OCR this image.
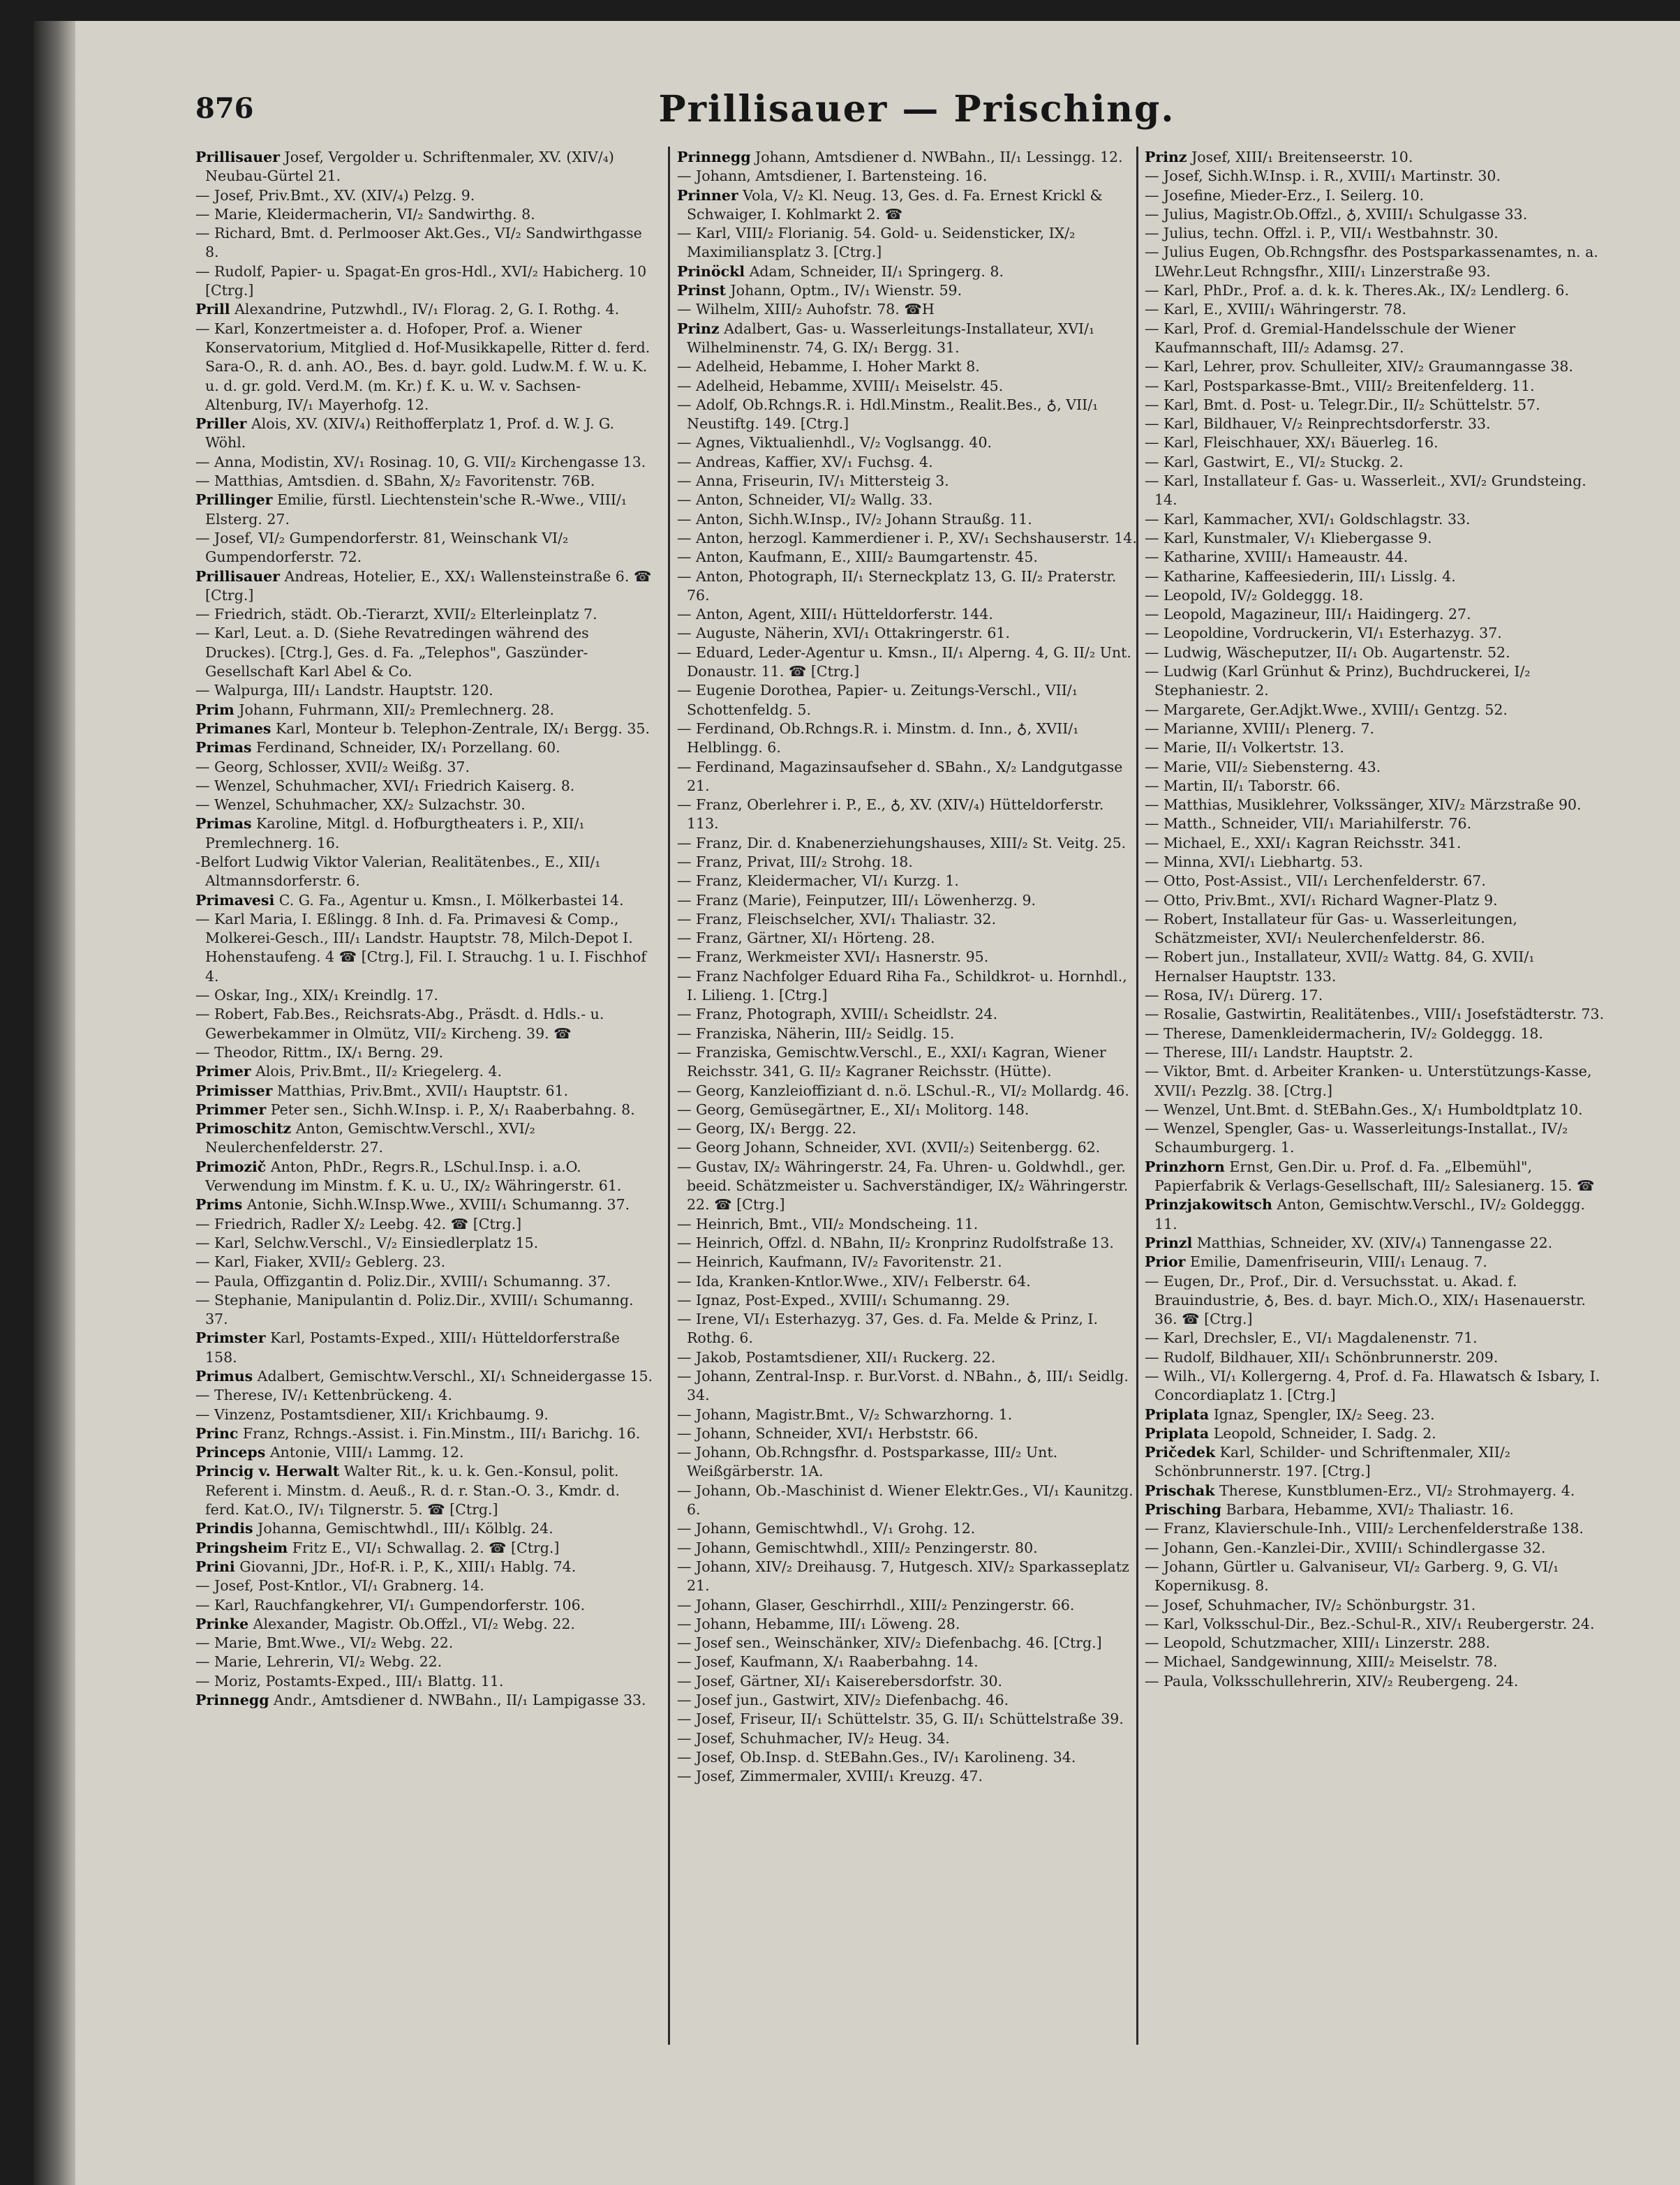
876	Prillisauer — Prisching.

Prillisauer Josef, Vergolder u. Schriftenmaler, XV. (XIV/₄) Neubau-Gürtel 21.

— Josef, Priv.Bmt., XV. (XIV/₄) Pelzg. 9.

— Marie, Kleidermacherin, VI/₂ Sandwirthg. 8.

— Richard, Bmt. d. Perlmooser Akt.Ges., VI/₂ Sandwirthgasse 8.

— Rudolf, Papier- u. Spagat-En gros-Hdl., XVI/₂ Habicherg. 10 [Ctrg.]

Prill Alexandrine, Putzwhdl., IV/₁ Florag. 2, G. I. Rothg. 4.

— Karl, Konzertmeister a. d. Hofoper, Prof. a. Wiener Konservatorium, Mitglied d. Hof-Musikkapelle, Ritter d. ferd. Sara-O., R. d. anh. AO., Bes. d. bayr. gold. Ludw.M. f. W. u. K. u. d. gr. gold. Verd.M. (m. Kr.) f. K. u. W. v. Sachsen-Altenburg, IV/₁ Mayerhofg. 12.

Priller Alois, XV. (XIV/₄) Reithofferplatz 1, Prof. d. W. J. G. Wöhl.

— Anna, Modistin, XV/₁ Rosinag. 10, G. VII/₂ Kirchengasse 13.

— Matthias, Amtsdien. d. SBahn, X/₂ Favoritenstr. 76B.

Prillinger Emilie, fürstl. Liechtenstein'sche R.-Wwe., VIII/₁ Elsterg. 27.

— Josef, VI/₂ Gumpendorferstr. 81, Weinschank VI/₂ Gumpendorferstr. 72.

Prillisauer Andreas, Hotelier, E., XX/₁ Wallensteinstraße 6. ☎ [Ctrg.]

— Friedrich, städt. Ob.-Tierarzt, XVII/₂ Elterleinplatz 7.

— Karl, Leut. a. D. (Siehe Revatredingen während des Druckes). [Ctrg.], Ges. d. Fa. „Telephos", Gaszünder-Gesellschaft Karl Abel & Co.

— Walpurga, III/₁ Landstr. Hauptstr. 120.

Prim Johann, Fuhrmann, XII/₂ Premlechnerg. 28.

Primanes Karl, Monteur b. Telephon-Zentrale, IX/₁ Bergg. 35.

Primas Ferdinand, Schneider, IX/₁ Porzellang. 60.

— Georg, Schlosser, XVII/₂ Weißg. 37.

— Wenzel, Schuhmacher, XVI/₁ Friedrich Kaiserg. 8.

— Wenzel, Schuhmacher, XX/₂ Sulzachstr. 30.

Primas Karoline, Mitgl. d. Hofburgtheaters i. P., XII/₁ Premlechnerg. 16.

-Belfort Ludwig Viktor Valerian, Realitätenbes., E., XII/₁ Altmannsdorferstr. 6.

Primavesi C. G. Fa., Agentur u. Kmsn., I. Mölkerbastei 14.

— Karl Maria, I. Eßlingg. 8 Inh. d. Fa. Primavesi & Comp., Molkerei-Gesch., III/₁ Landstr. Hauptstr. 78, Milch-Depot I. Hohenstaufeng. 4 ☎ [Ctrg.], Fil. I. Strauchg. 1 u. I. Fischhof 4.

— Oskar, Ing., XIX/₁ Kreindlg. 17.

— Robert, Fab.Bes., Reichsrats-Abg., Präsdt. d. Hdls.- u. Gewerbekammer in Olmütz, VII/₂ Kircheng. 39. ☎

— Theodor, Rittm., IX/₁ Berng. 29.

Primer Alois, Priv.Bmt., II/₂ Kriegelerg. 4.

Primisser Matthias, Priv.Bmt., XVII/₁ Hauptstr. 61.

Primmer Peter sen., Sichh.W.Insp. i. P., X/₁ Raaberbahng. 8.

Primoschitz Anton, Gemischtw.Verschl., XVI/₂ Neulerchenfelderstr. 27.

Primozič Anton, PhDr., Regrs.R., LSchul.Insp. i. a.O. Verwendung im Minstm. f. K. u. U., IX/₂ Währingerstr. 61.

Prims Antonie, Sichh.W.Insp.Wwe., XVIII/₁ Schumanng. 37.

— Friedrich, Radler X/₂ Leebg. 42. ☎ [Ctrg.]

— Karl, Selchw.Verschl., V/₂ Einsiedlerplatz 15.

— Karl, Fiaker, XVII/₂ Geblerg. 23.

— Paula, Offizgantin d. Poliz.Dir., XVIII/₁ Schumanng. 37.

— Stephanie, Manipulantin d. Poliz.Dir., XVIII/₁ Schumanng. 37.

Primster Karl, Postamts-Exped., XIII/₁ Hütteldorferstraße 158.

Primus Adalbert, Gemischtw.Verschl., XI/₁ Schneidergasse 15.

— Therese, IV/₁ Kettenbrückeng. 4.

— Vinzenz, Postamtsdiener, XII/₁ Krichbaumg. 9.

Princ Franz, Rchngs.-Assist. i. Fin.Minstm., III/₁ Barichg. 16.

Princeps Antonie, VIII/₁ Lammg. 12.

Princig v. Herwalt Walter Rit., k. u. k. Gen.-Konsul, polit. Referent i. Minstm. d. Aeuß., R. d. r. Stan.-O. 3., Kmdr. d. ferd. Kat.O., IV/₁ Tilgnerstr. 5. ☎ [Ctrg.]

Prindis Johanna, Gemischtwhdl., III/₁ Kölblg. 24.

Pringsheim Fritz E., VI/₁ Schwallag. 2. ☎ [Ctrg.]

Prini Giovanni, JDr., Hof-R. i. P., K., XIII/₁ Hablg. 74.

— Josef, Post-Kntlor., VI/₁ Grabnerg. 14.

— Karl, Rauchfangkehrer, VI/₁ Gumpendorferstr. 106.

Prinke Alexander, Magistr. Ob.Offzl., VI/₂ Webg. 22.

— Marie, Bmt.Wwe., VI/₂ Webg. 22.

— Marie, Lehrerin, VI/₂ Webg. 22.

— Moriz, Postamts-Exped., III/₁ Blattg. 11.

Prinnegg Andr., Amtsdiener d. NWBahn., II/₁ Lampigasse 33.

Prinnegg Johann, Amtsdiener d. NWBahn., II/₁ Lessingg. 12.

— Johann, Amtsdiener, I. Bartensteing. 16.

Prinner Vola, V/₂ Kl. Neug. 13, Ges. d. Fa. Ernest Krickl & Schwaiger, I. Kohlmarkt 2. ☎

— Karl, VIII/₂ Florianig. 54. Gold- u. Seidensticker, IX/₂ Maximiliansplatz 3. [Ctrg.]

Prinöckl Adam, Schneider, II/₁ Springerg. 8.

Prinst Johann, Optm., IV/₁ Wienstr. 59.

— Wilhelm, XIII/₂ Auhofstr. 78. ☎H

Prinz Adalbert, Gas- u. Wasserleitungs-Installateur, XVI/₁ Wilhelminenstr. 74, G. IX/₁ Bergg. 31.

— Adelheid, Hebamme, I. Hoher Markt 8.

— Adelheid, Hebamme, XVIII/₁ Meiselstr. 45.

— Adolf, Ob.Rchngs.R. i. Hdl.Minstm., Realit.Bes., ♁, VII/₁ Neustiftg. 149. [Ctrg.]

— Agnes, Viktualienhdl., V/₂ Voglsangg. 40.

— Andreas, Kaffier, XV/₁ Fuchsg. 4.

— Anna, Friseurin, IV/₁ Mittersteig 3.

— Anton, Schneider, VI/₂ Wallg. 33.

— Anton, Sichh.W.Insp., IV/₂ Johann Straußg. 11.

— Anton, herzogl. Kammerdiener i. P., XV/₁ Sechshauserstr. 14.

— Anton, Kaufmann, E., XIII/₂ Baumgartenstr. 45.

— Anton, Photograph, II/₁ Sterneckplatz 13, G. II/₂ Praterstr. 76.

— Anton, Agent, XIII/₁ Hütteldorferstr. 144.

— Auguste, Näherin, XVI/₁ Ottakringerstr. 61.

— Eduard, Leder-Agentur u. Kmsn., II/₁ Alperng. 4, G. II/₂ Unt. Donaustr. 11. ☎ [Ctrg.]

— Eugenie Dorothea, Papier- u. Zeitungs-Verschl., VII/₁ Schottenfeldg. 5.

— Ferdinand, Ob.Rchngs.R. i. Minstm. d. Inn., ♁, XVII/₁ Helblingg. 6.

— Ferdinand, Magazinsaufseher d. SBahn., X/₂ Landgutgasse 21.

— Franz, Oberlehrer i. P., E., ♁, XV. (XIV/₄) Hütteldorferstr. 113.

— Franz, Dir. d. Knabenerziehungshauses, XIII/₂ St. Veitg. 25.

— Franz, Privat, III/₂ Strohg. 18.

— Franz, Kleidermacher, VI/₁ Kurzg. 1.

— Franz (Marie), Feinputzer, III/₁ Löwenherzg. 9.

— Franz, Fleischselcher, XVI/₁ Thaliastr. 32.

— Franz, Gärtner, XI/₁ Hörteng. 28.

— Franz, Werkmeister XVI/₁ Hasnerstr. 95.

— Franz Nachfolger Eduard Riha Fa., Schildkrot- u. Hornhdl., I. Lilieng. 1. [Ctrg.]

— Franz, Photograph, XVIII/₁ Scheidlstr. 24.

— Franziska, Näherin, III/₂ Seidlg. 15.

— Franziska, Gemischtw.Verschl., E., XXI/₁ Kagran, Wiener Reichsstr. 341, G. II/₂ Kagraner Reichsstr. (Hütte).

— Georg, Kanzleioffiziant d. n.ö. LSchul.-R., VI/₂ Mollardg. 46.

— Georg, Gemüsegärtner, E., XI/₁ Molitorg. 148.

— Georg, IX/₁ Bergg. 22.

— Georg Johann, Schneider, XVI. (XVII/₂) Seitenbergg. 62.

— Gustav, IX/₂ Währingerstr. 24, Fa. Uhren- u. Goldwhdl., ger. beeid. Schätzmeister u. Sachverständiger, IX/₂ Währingerstr. 22. ☎ [Ctrg.]

— Heinrich, Bmt., VII/₂ Mondscheing. 11.

— Heinrich, Offzl. d. NBahn, II/₂ Kronprinz Rudolfstraße 13.

— Heinrich, Kaufmann, IV/₂ Favoritenstr. 21.

— Ida, Kranken-Kntlor.Wwe., XIV/₁ Felberstr. 64.

— Ignaz, Post-Exped., XVIII/₁ Schumanng. 29.

— Irene, VI/₁ Esterhazyg. 37, Ges. d. Fa. Melde & Prinz, I. Rothg. 6.

— Jakob, Postamtsdiener, XII/₁ Ruckerg. 22.

— Johann, Zentral-Insp. r. Bur.Vorst. d. NBahn., ♁, III/₁ Seidlg. 34.

— Johann, Magistr.Bmt., V/₂ Schwarzhorng. 1.

— Johann, Schneider, XVI/₁ Herbststr. 66.

— Johann, Ob.Rchngsfhr. d. Postsparkasse, III/₂ Unt. Weißgärberstr. 1A.

— Johann, Ob.-Maschinist d. Wiener Elektr.Ges., VI/₁ Kaunitzg. 6.

— Johann, Gemischtwhdl., V/₁ Grohg. 12.

— Johann, Gemischtwhdl., XIII/₂ Penzingerstr. 80.

— Johann, XIV/₂ Dreihausg. 7, Hutgesch. XIV/₂ Sparkasseplatz 21.

— Johann, Glaser, Geschirrhdl., XIII/₂ Penzingerstr. 66.

— Johann, Hebamme, III/₁ Löweng. 28.

— Josef sen., Weinschänker, XIV/₂ Diefenbachg. 46. [Ctrg.]

— Josef, Kaufmann, X/₁ Raaberbahng. 14.

— Josef, Gärtner, XI/₁ Kaiserebersdorfstr. 30.

— Josef jun., Gastwirt, XIV/₂ Diefenbachg. 46.

— Josef, Friseur, II/₁ Schüttelstr. 35, G. II/₁ Schüttelstraße 39.

— Josef, Schuhmacher, IV/₂ Heug. 34.

— Josef, Ob.Insp. d. StEBahn.Ges., IV/₁ Karolineng. 34.

— Josef, Zimmermaler, XVIII/₁ Kreuzg. 47.

Prinz Josef, XIII/₁ Breitenseerstr. 10.

— Josef, Sichh.W.Insp. i. R., XVIII/₁ Martinstr. 30.

— Josefine, Mieder-Erz., I. Seilerg. 10.

— Julius, Magistr.Ob.Offzl., ♁, XVIII/₁ Schulgasse 33.

— Julius, techn. Offzl. i. P., VII/₁ Westbahnstr. 30.

— Julius Eugen, Ob.Rchngsfhr. des Postsparkassenamtes, n. a. LWehr.Leut Rchngsfhr., XIII/₁ Linzerstraße 93.

— Karl, PhDr., Prof. a. d. k. k. Theres.Ak., IX/₂ Lendlerg. 6.

— Karl, E., XVIII/₁ Währingerstr. 78.

— Karl, Prof. d. Gremial-Handelsschule der Wiener Kaufmannschaft, III/₂ Adamsg. 27.

— Karl, Lehrer, prov. Schulleiter, XIV/₂ Graumanngasse 38.

— Karl, Postsparkasse-Bmt., VIII/₂ Breitenfelderg. 11.

— Karl, Bmt. d. Post- u. Telegr.Dir., II/₂ Schüttelstr. 57.

— Karl, Bildhauer, V/₂ Reinprechtsdorferstr. 33.

— Karl, Fleischhauer, XX/₁ Bäuerleg. 16.

— Karl, Gastwirt, E., VI/₂ Stuckg. 2.

— Karl, Installateur f. Gas- u. Wasserleit., XVI/₂ Grundsteing. 14.

— Karl, Kammacher, XVI/₁ Goldschlagstr. 33.

— Karl, Kunstmaler, V/₁ Kliebergasse 9.

— Katharine, XVIII/₁ Hameaustr. 44.

— Katharine, Kaffeesiederin, III/₁ Lisslg. 4.

— Leopold, IV/₂ Goldeggg. 18.

— Leopold, Magazineur, III/₁ Haidingerg. 27.

— Leopoldine, Vordruckerin, VI/₁ Esterhazyg. 37.

— Ludwig, Wäscheputzer, II/₁ Ob. Augartenstr. 52.

— Ludwig (Karl Grünhut & Prinz), Buchdruckerei, I/₂ Stephaniestr. 2.

— Margarete, Ger.Adjkt.Wwe., XVIII/₁ Gentzg. 52.

— Marianne, XVIII/₁ Plenerg. 7.

— Marie, II/₁ Volkertstr. 13.

— Marie, VII/₂ Siebensterng. 43.

— Martin, II/₁ Taborstr. 66.

— Matthias, Musiklehrer, Volkssänger, XIV/₂ Märzstraße 90.

— Matth., Schneider, VII/₁ Mariahilferstr. 76.

— Michael, E., XXI/₁ Kagran Reichsstr. 341.

— Minna, XVI/₁ Liebhartg. 53.

— Otto, Post-Assist., VII/₁ Lerchenfelderstr. 67.

— Otto, Priv.Bmt., XVI/₁ Richard Wagner-Platz 9.

— Robert, Installateur für Gas- u. Wasserleitungen, Schätzmeister, XVI/₁ Neulerchenfelderstr. 86.

— Robert jun., Installateur, XVII/₂ Wattg. 84, G. XVII/₁ Hernalser Hauptstr. 133.

— Rosa, IV/₁ Dürerg. 17.

— Rosalie, Gastwirtin, Realitätenbes., VIII/₁ Josefstädterstr. 73.

— Therese, Damenkleidermacherin, IV/₂ Goldeggg. 18.

— Therese, III/₁ Landstr. Hauptstr. 2.

— Viktor, Bmt. d. Arbeiter Kranken- u. Unterstützungs-Kasse, XVII/₁ Pezzlg. 38. [Ctrg.]

— Wenzel, Unt.Bmt. d. StEBahn.Ges., X/₁ Humboldtplatz 10.

— Wenzel, Spengler, Gas- u. Wasserleitungs-Installat., IV/₂ Schaumburgerg. 1.

Prinzhorn Ernst, Gen.Dir. u. Prof. d. Fa. „Elbemühl", Papierfabrik & Verlags-Gesellschaft, III/₂ Salesianerg. 15. ☎

Prinzjakowitsch Anton, Gemischtw.Verschl., IV/₂ Goldeggg. 11.

Prinzl Matthias, Schneider, XV. (XIV/₄) Tannengasse 22.

Prior Emilie, Damenfriseurin, VIII/₁ Lenaug. 7.

— Eugen, Dr., Prof., Dir. d. Versuchsstat. u. Akad. f. Brauindustrie, ♁, Bes. d. bayr. Mich.O., XIX/₁ Hasenauerstr. 36. ☎ [Ctrg.]

— Karl, Drechsler, E., VI/₁ Magdalenenstr. 71.

— Rudolf, Bildhauer, XII/₁ Schönbrunnerstr. 209.

— Wilh., VI/₁ Kollergerng. 4, Prof. d. Fa. Hlawatsch & Isbary, I. Concordiaplatz 1. [Ctrg.]

Priplata Ignaz, Spengler, IX/₂ Seeg. 23.

Priplata Leopold, Schneider, I. Sadg. 2.

Pričedek Karl, Schilder- und Schriftenmaler, XII/₂ Schönbrunnerstr. 197. [Ctrg.]

Prischak Therese, Kunstblumen-Erz., VI/₂ Strohmayerg. 4.

Prisching Barbara, Hebamme, XVI/₂ Thaliastr. 16.

— Franz, Klavierschule-Inh., VIII/₂ Lerchenfelderstraße 138.

— Johann, Gen.-Kanzlei-Dir., XVIII/₁ Schindlergasse 32.

— Johann, Gürtler u. Galvaniseur, VI/₂ Garberg. 9, G. VI/₁ Kopernikusg. 8.

— Josef, Schuhmacher, IV/₂ Schönburgstr. 31.

— Karl, Volksschul-Dir., Bez.-Schul-R., XIV/₁ Reubergerstr. 24.

— Leopold, Schutzmacher, XIII/₁ Linzerstr. 288.

— Michael, Sandgewinnung, XIII/₂ Meiselstr. 78.

— Paula, Volksschullehrerin, XIV/₂ Reubergeng. 24.
